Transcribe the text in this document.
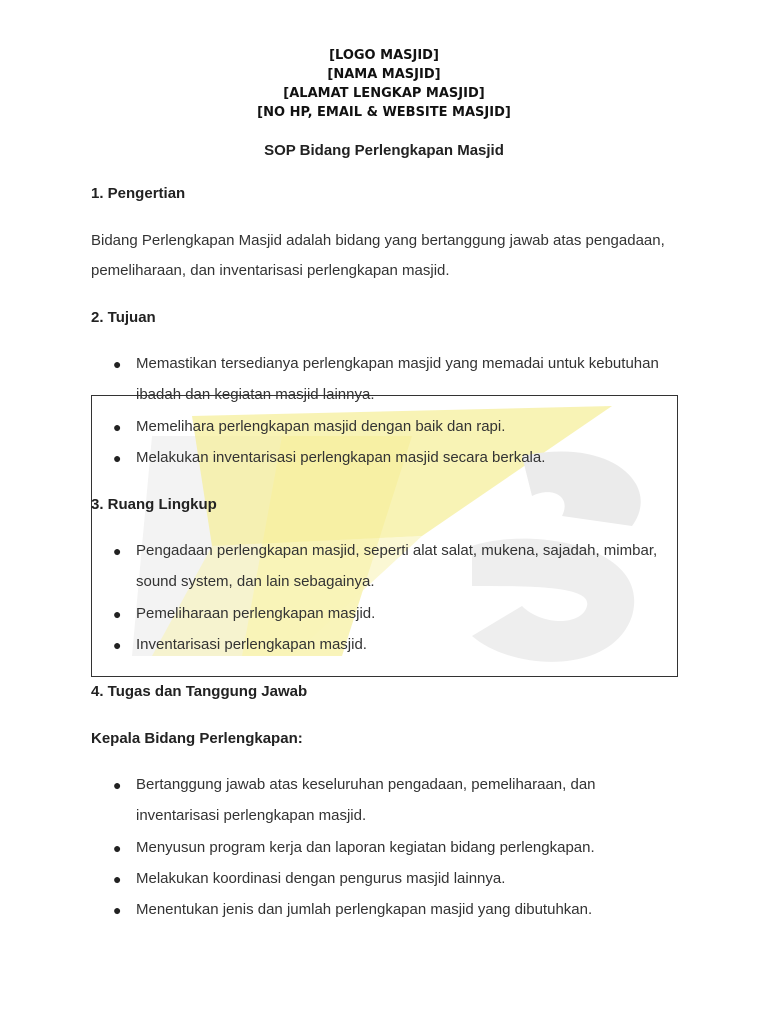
[LOGO MASJID]
[NAMA MASJID]
[ALAMAT LENGKAP MASJID]
[NO HP, EMAIL & WEBSITE MASJID]
SOP Bidang Perlengkapan Masjid
1. Pengertian
Bidang Perlengkapan Masjid adalah bidang yang bertanggung jawab atas pengadaan,
pemeliharaan, dan inventarisasi perlengkapan masjid.
2. Tujuan
● Memastikan tersedianya perlengkapan masjid yang memadai untuk kebutuhan
ibadah dan kegiatan masjid lainnya.
● Memelihara perlengkapan masjid dengan baik dan rapi.
● Melakukan inventarisasi perlengkapan masjid secara berkala.
3. Ruang Lingkup
● Pengadaan perlengkapan masjid, seperti alat salat, mukena, sajadah, mimbar,
sound system, dan lain sebagainya.
● Pemeliharaan perlengkapan masjid.
● Inventarisasi perlengkapan masjid.
4. Tugas dan Tanggung Jawab
Kepala Bidang Perlengkapan:
● Bertanggung jawab atas keseluruhan pengadaan, pemeliharaan, dan
inventarisasi perlengkapan masjid.
● Menyusun program kerja dan laporan kegiatan bidang perlengkapan.
● Melakukan koordinasi dengan pengurus masjid lainnya.
● Menentukan jenis dan jumlah perlengkapan masjid yang dibutuhkan.
